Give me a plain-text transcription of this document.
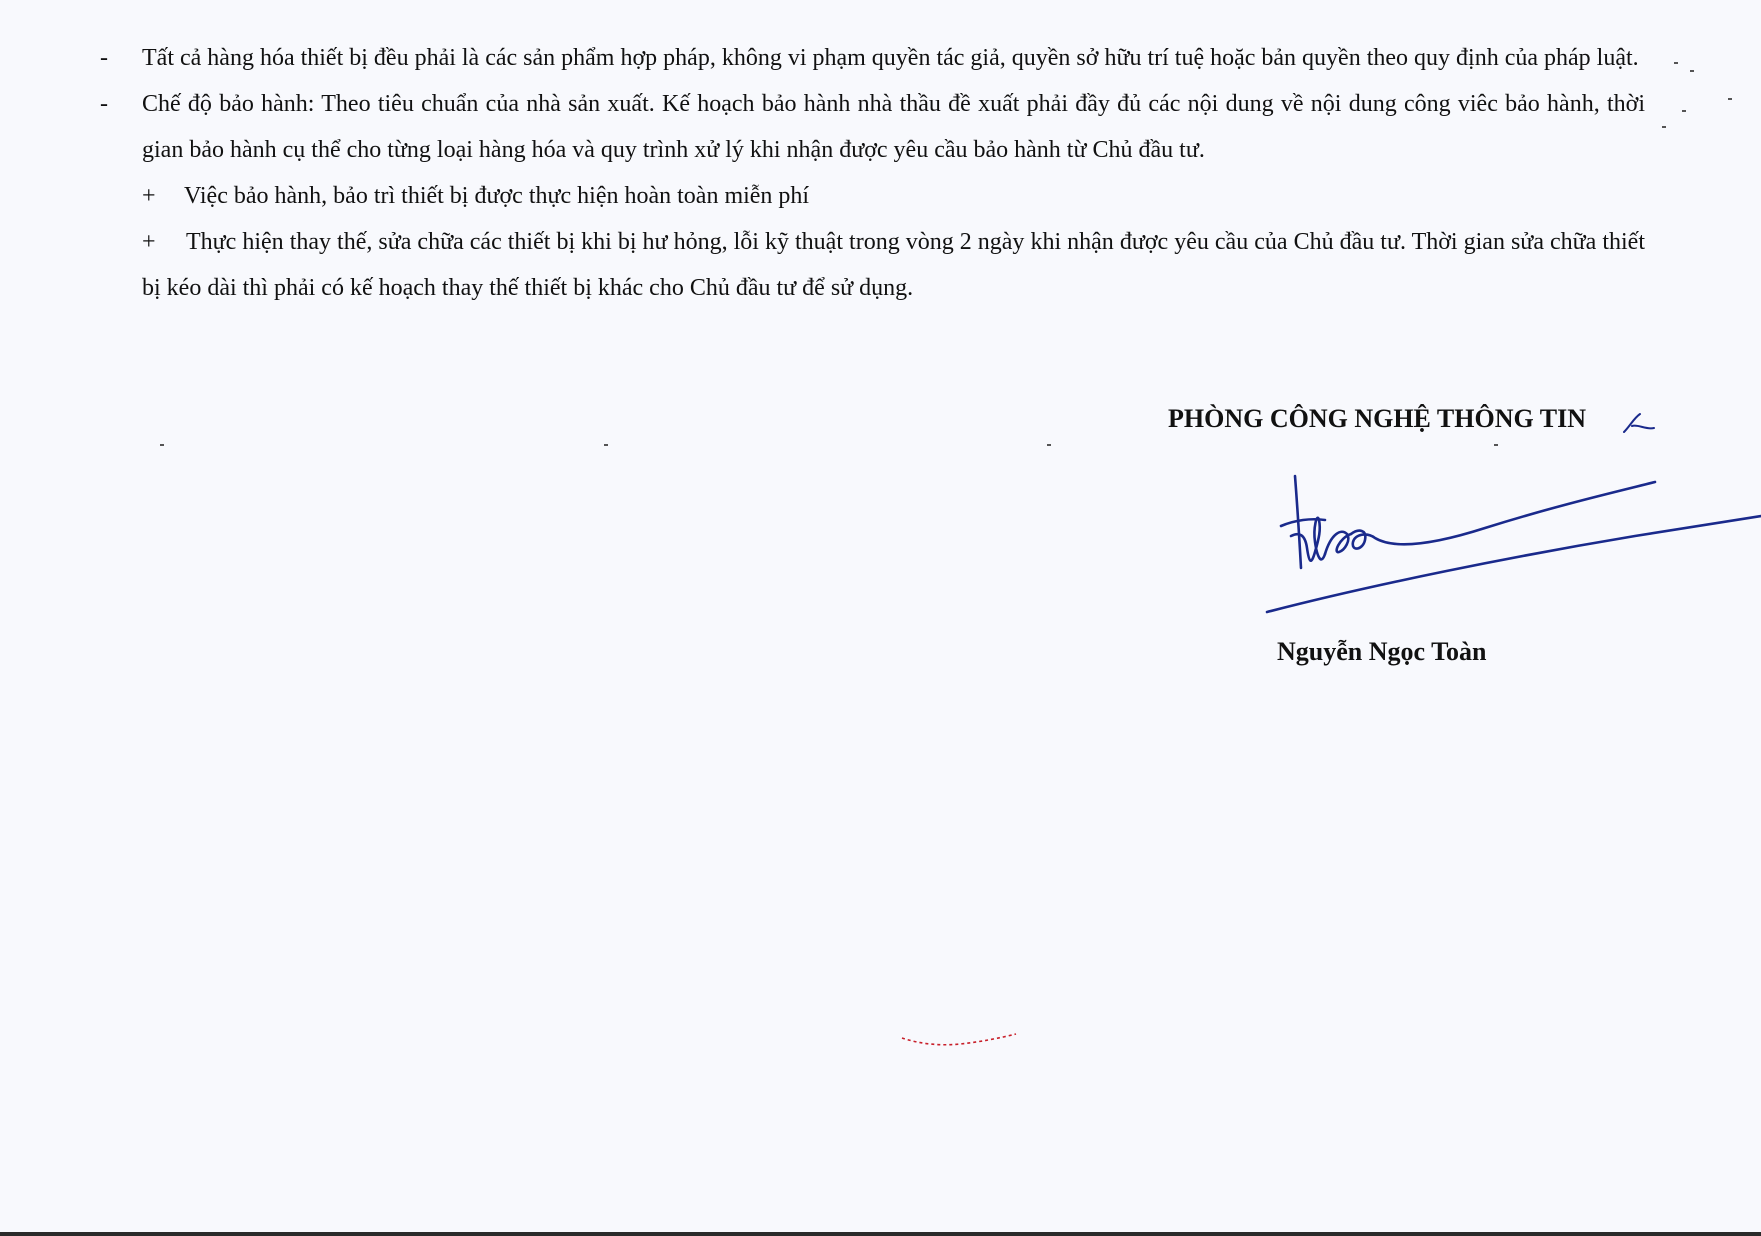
-	Tất cả hàng hóa thiết bị đều phải là các sản phẩm hợp pháp, không vi phạm quyền tác giả, quyền sở hữu trí tuệ hoặc bản quyền theo quy định của pháp luật.
-	Chế độ bảo hành: Theo tiêu chuẩn của nhà sản xuất. Kế hoạch bảo hành nhà thầu đề xuất phải đầy đủ các nội dung về nội dung công viêc bảo hành, thời gian bảo hành cụ thể cho từng loại hàng hóa và quy trình xử lý khi nhận được yêu cầu bảo hành từ Chủ đầu tư.
+ Việc bảo hành, bảo trì thiết bị được thực hiện hoàn toàn miễn phí
+ Thực hiện thay thế, sửa chữa các thiết bị khi bị hư hỏng, lỗi kỹ thuật trong vòng 2 ngày khi nhận được yêu cầu của Chủ đầu tư. Thời gian sửa chữa thiết bị kéo dài thì phải có kế hoạch thay thế thiết bị khác cho Chủ đầu tư để sử dụng.
PHÒNG CÔNG NGHỆ THÔNG TIN
Nguyễn Ngọc Toàn
